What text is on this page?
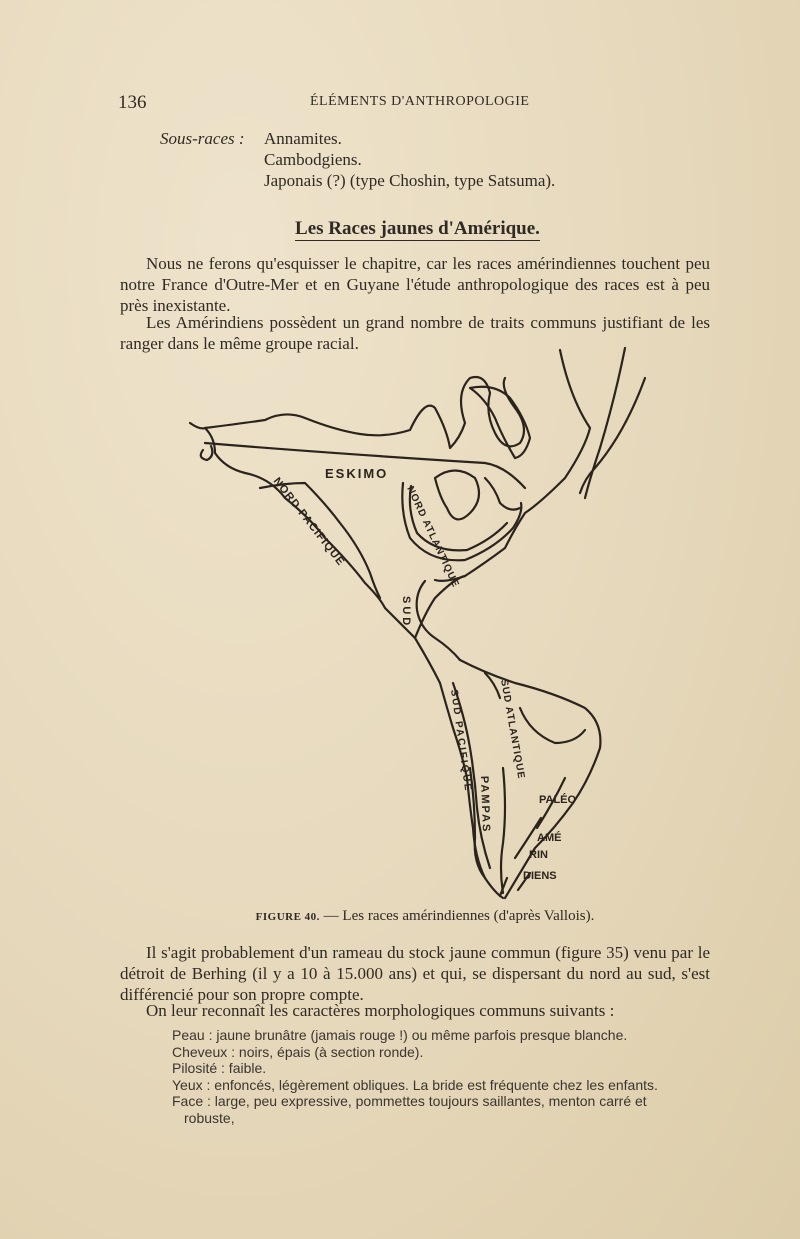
136	ÉLÉMENTS D'ANTHROPOLOGIE
Sous-races : Annamites.
Cambodgiens.
Japonais (?) (type Choshin, type Satsuma).
Les Races jaunes d'Amérique.
Nous ne ferons qu'esquisser le chapitre, car les races amérindiennes touchent peu notre France d'Outre-Mer et en Guyane l'étude anthropologique des races est à peu près inexistante.
Les Amérindiens possèdent un grand nombre de traits communs justifiant de les ranger dans le même groupe racial.
ESKIMO
NORD PACIFIQUE	NORD ATLANTIQUE
SUD
SUD PACIFIQUE SUD ATLANTIQUE
PAMPAS	PALÉO
AMÉ
RIN
DIENS
FIGURE 40. — Les races amérindiennes (d'après Vallois).
Il s'agit probablement d'un rameau du stock jaune commun (figure 35) venu par le détroit de Berhing (il y a 10 à 15.000 ans) et qui, se dispersant du nord au sud, s'est différencié pour son propre compte.
On leur reconnaît les caractères morphologiques communs suivants :
Peau : jaune brunâtre (jamais rouge !) ou même parfois presque blanche.
Cheveux : noirs, épais (à section ronde).
Pilosité : faible.
Yeux : enfoncés, légèrement obliques. La bride est fréquente chez les enfants.
Face : large, peu expressive, pommettes toujours saillantes, menton carré et
robuste,
